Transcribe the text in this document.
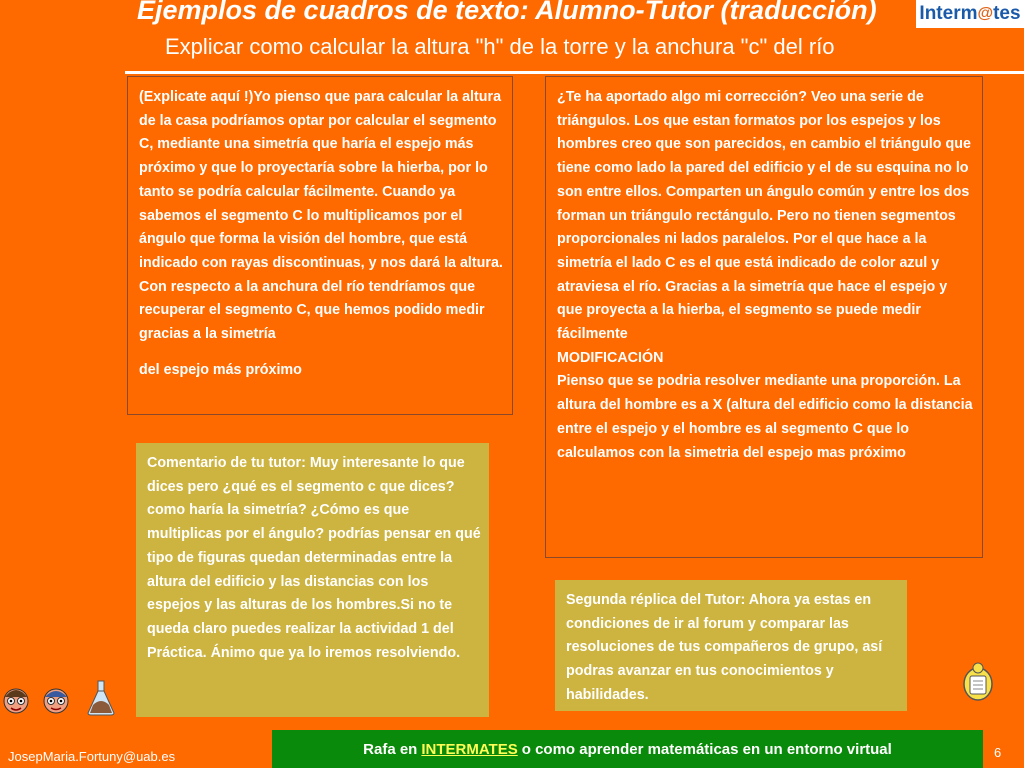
Ejemplos de cuadros de texto: Alumno-Tutor (traducción)
Explicar como calcular la altura "h" de la torre y la anchura "c" del río
Interm @ tes
(Explicate aquí !)Yo pienso que para calcular la altura de la casa podríamos optar por calcular el segmento C, mediante una simetría que haría el espejo más próximo y que lo proyectaría sobre la hierba, por lo tanto se podría calcular fácilmente. Cuando ya sabemos el segmento C lo multiplicamos por el ángulo que forma la visión del hombre, que está indicado con rayas discontinuas, y nos dará la altura. Con respecto a la anchura del río tendríamos que recuperar el segmento C, que hemos podido medir gracias a la simetría
del espejo más próximo
¿Te ha aportado algo mi corrección? Veo una serie de triángulos. Los que estan formatos por los espejos y los hombres creo que son parecidos, en cambio el triángulo que tiene como lado la pared del edificio y el de su esquina no lo son entre ellos. Comparten un ángulo común y entre los dos forman un triángulo rectángulo. Pero no tienen segmentos proporcionales ni lados paralelos. Por el que hace a la simetría el lado C es el que está indicado de color azul y atraviesa el río. Gracias a la simetría que hace el espejo y que proyecta a la hierba, el segmento se puede medir fácilmente
MODIFICACIÓN
Pienso que se podria resolver mediante una proporción. La altura del hombre es a X (altura del edificio como la distancia entre el espejo y el hombre es al segmento C que lo calculamos con la simetria del espejo mas próximo
Comentario de tu tutor: Muy interesante lo que dices pero ¿qué es el segmento c que dices? como haría la simetría? ¿Cómo es que multiplicas por el ángulo? podrías pensar en qué tipo de figuras quedan determinadas entre la altura del edificio y las distancias con los espejos y las alturas de los hombres.Si no te queda claro puedes realizar la actividad 1 del Práctica. Ánimo que ya lo iremos resolviendo.
Segunda réplica del Tutor: Ahora ya estas en condiciones de ir al forum y comparar las resoluciones de tus compañeros de grupo, así podras avanzar en tus conocimientos y habilidades.
Rafa en INTERMATES o como aprender matemáticas en un entorno virtual
JosepMaria.Fortuny@uab.es	6
